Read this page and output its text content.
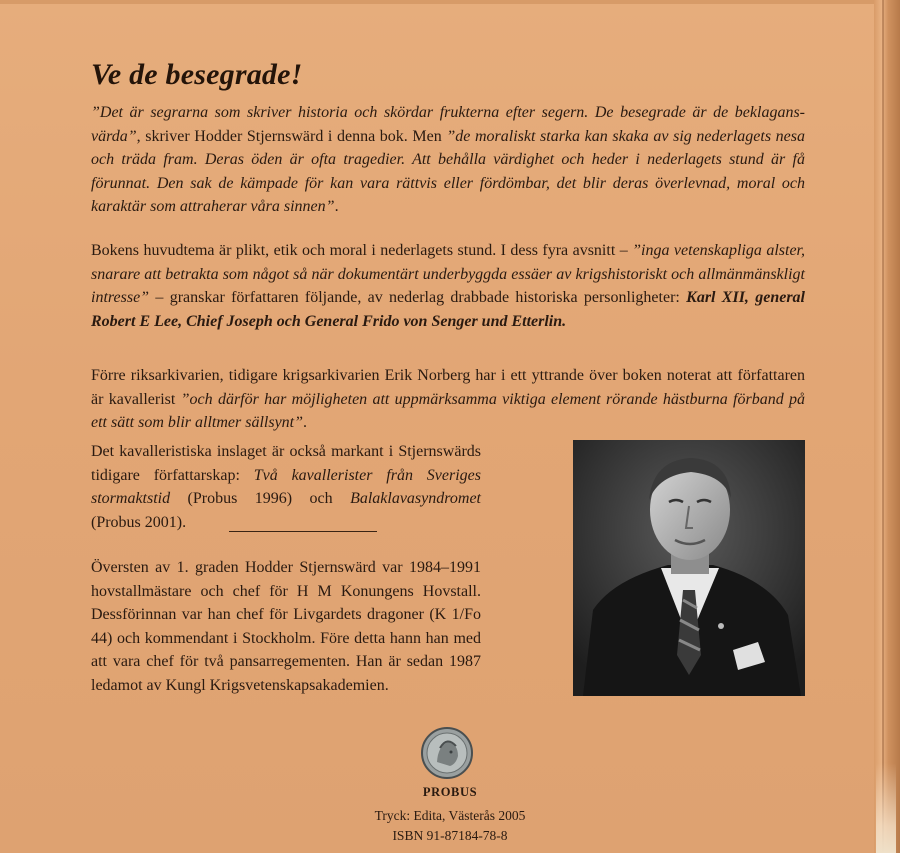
Ve de besegrade!

”Det är segrarna som skriver historia och skördar frukterna efter segern. De besegrade är de beklagansvärda”, skriver Hodder Stjernswärd i denna bok. Men ”de moraliskt starka kan skaka av sig nederlagets nesa och träda fram. Deras öden är ofta tragedier. Att behålla värdighet och heder i nederlagets stund är få förunnat. Den sak de kämpade för kan vara rättvis eller fördömbar, det blir deras överlevnad, moral och karaktär som attraherar våra sinnen”.

Bokens huvudtema är plikt, etik och moral i nederlagets stund. I dess fyra avsnitt – ”inga vetenskapliga alster, snarare att betrakta som något så när dokumentärt underbyggda essäer av krigshistoriskt och allmänmänskligt intresse” – granskar författaren följande, av nederlag drabbade historiska personligheter: Karl XII, general Robert E Lee, Chief Joseph och General Frido von Senger und Etterlin.

Förre riksarkivarien, tidigare krigsarkivarien Erik Norberg har i ett yttrande över boken noterat att författaren är kavallerist ”och därför har möjligheten att uppmärksamma viktiga element rörande hästburna förband på ett sätt som blir alltmer sällsynt”.

Det kavalleristiska inslaget är också markant i Stjernswärds tidigare författarskap: Två kavallerister från Sveriges stormaktstid (Probus 1996) och Balaklavasyndromet (Probus 2001).

Översten av 1. graden Hodder Stjernswärd var 1984–1991 hovstallmästare och chef för H M Konungens Hovstall. Dessförinnan var han chef för Livgardets dragoner (K 1/Fo 44) och kommendant i Stockholm. Före detta hann han med att vara chef för två pansarregementen. Han är sedan 1987 ledamot av Kungl Krigsvetenskapsakademien.

PROBUS

Tryck: Edita, Västerås 2005

ISBN 91-87184-78-8
